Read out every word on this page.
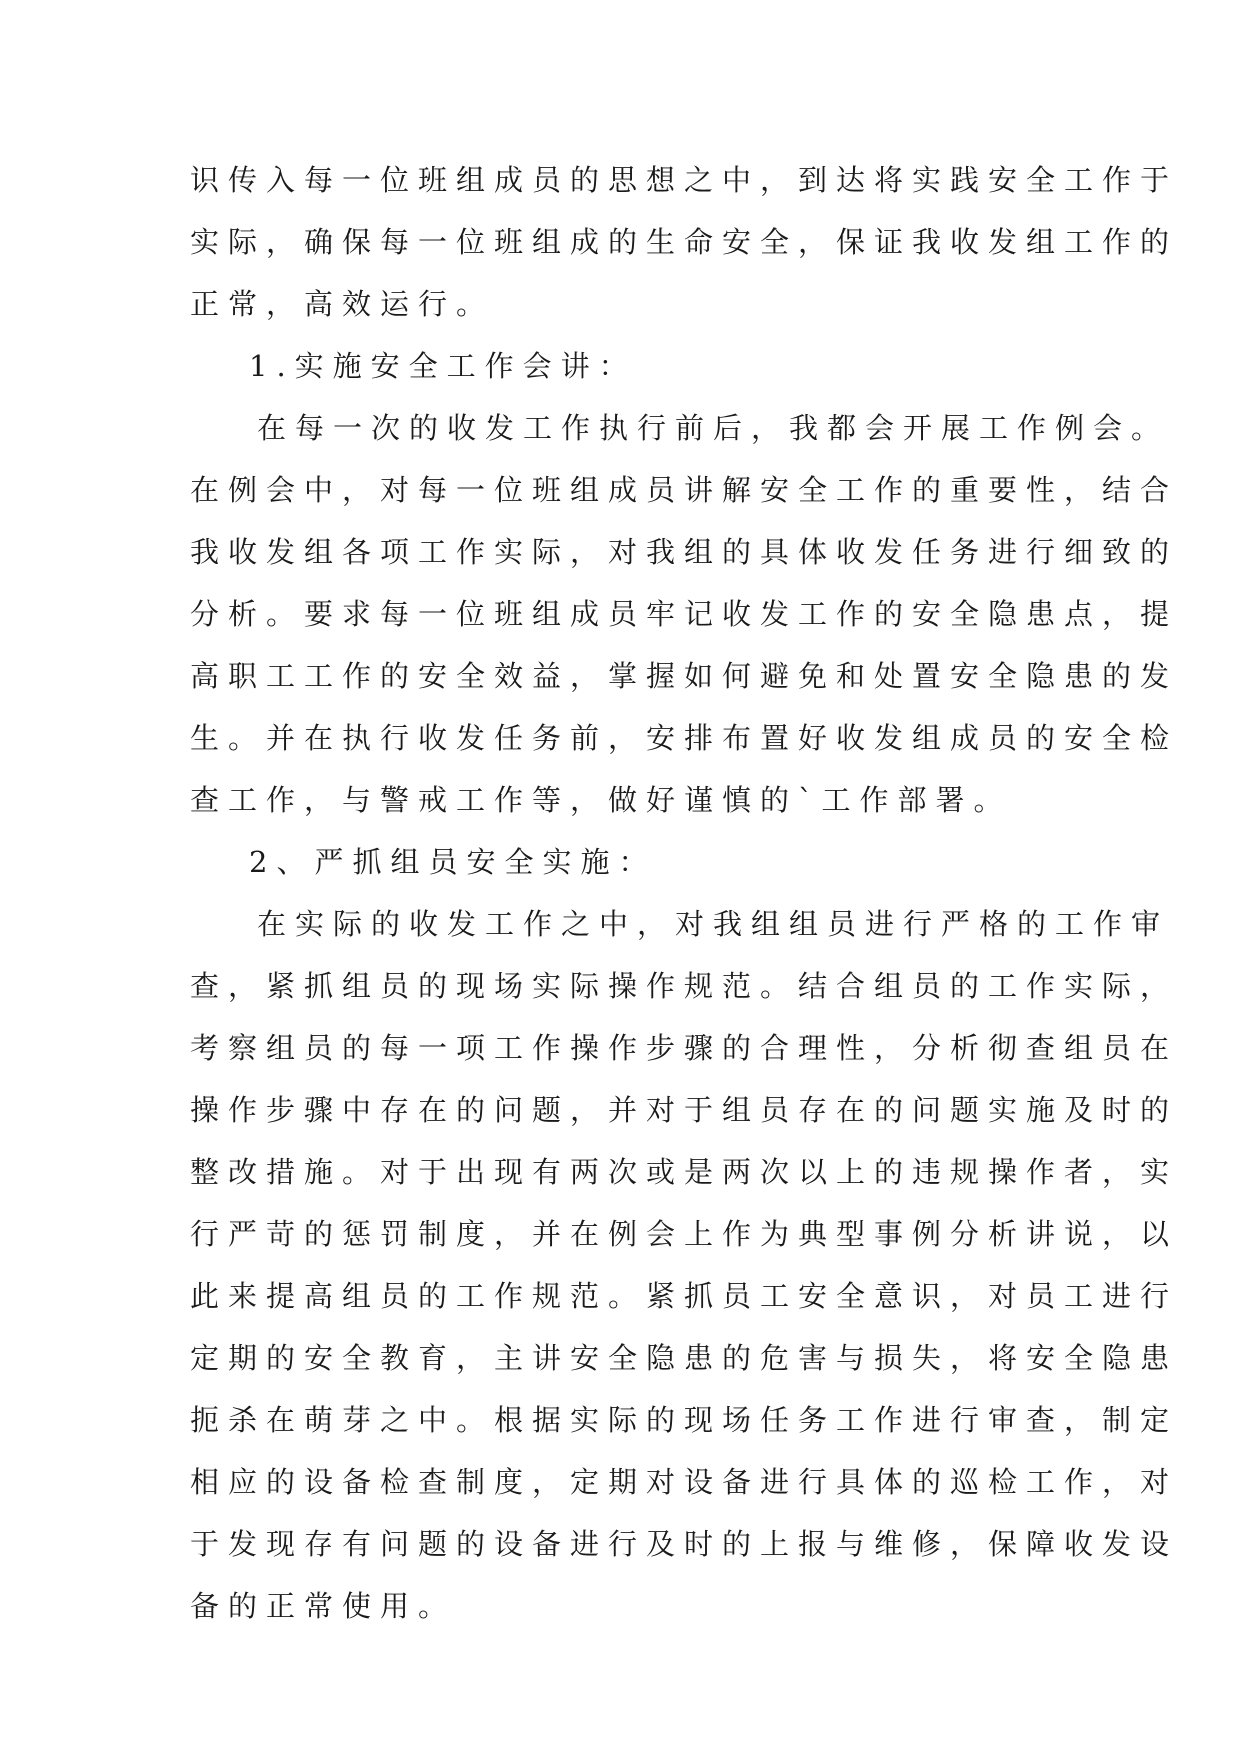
识传入每一位班组成员的思想之中，到达将实践安全工作于
实际，确保每一位班组成的生命安全，保证我收发组工作的
正常，高效运行。
1.实施安全工作会讲：
在每一次的收发工作执行前后，我都会开展工作例会。
在例会中，对每一位班组成员讲解安全工作的重要性，结合
我收发组各项工作实际，对我组的具体收发任务进行细致的
分析。要求每一位班组成员牢记收发工作的安全隐患点，提
高职工工作的安全效益，掌握如何避免和处置安全隐患的发
生。并在执行收发任务前，安排布置好收发组成员的安全检
查工作，与警戒工作等，做好谨慎的`工作部署。
2、严抓组员安全实施：
在实际的收发工作之中，对我组组员进行严格的工作审
查，紧抓组员的现场实际操作规范。结合组员的工作实际，
考察组员的每一项工作操作步骤的合理性，分析彻查组员在
操作步骤中存在的问题，并对于组员存在的问题实施及时的
整改措施。对于出现有两次或是两次以上的违规操作者，实
行严苛的惩罚制度，并在例会上作为典型事例分析讲说，以
此来提高组员的工作规范。紧抓员工安全意识，对员工进行
定期的安全教育，主讲安全隐患的危害与损失，将安全隐患
扼杀在萌芽之中。根据实际的现场任务工作进行审查，制定
相应的设备检查制度，定期对设备进行具体的巡检工作，对
于发现存有问题的设备进行及时的上报与维修，保障收发设
备的正常使用。
